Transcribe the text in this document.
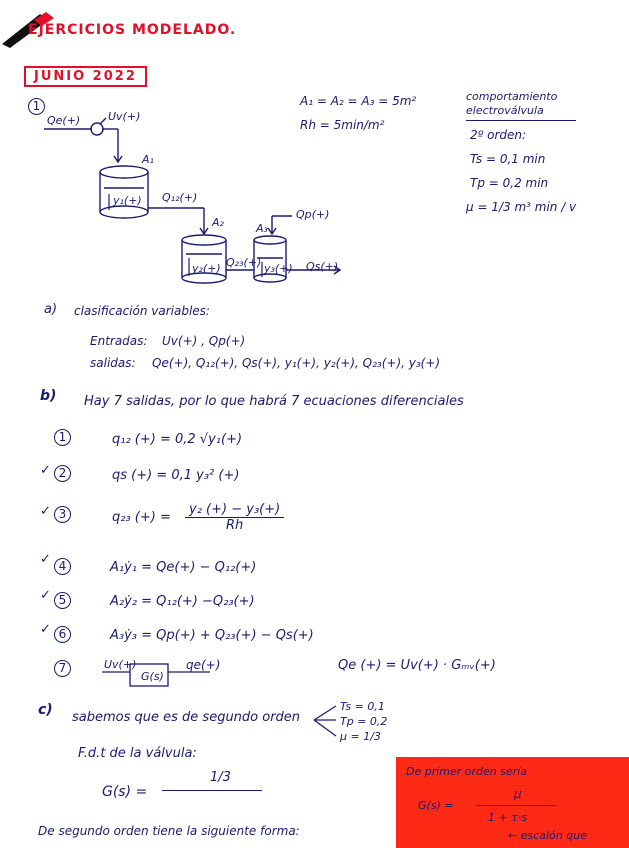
EJERCICIOS MODELADO.
JUNIO 2022
1	A₁ = A₂ = A₃ = 5m²
Rh = 5min/m²
comportamiento electroválvula
2º orden:
Ts = 0,1 min
Tp = 0,2 min
μ = 1/3 m³ min / v
Qe(+)	Uv(+)
A₁
y₁(+) Q₁₂(+)
A₂	A₃
Qp(+)
y₂(+) Q₂₃(+) y₃(+) Qs(+)
a) clasificación variables:
Entradas: Uv(+) , Qp(+)
salidas: Qe(+), Q₁₂(+), Qs(+), y₁(+), y₂(+), Q₂₃(+), y₃(+)
b) Hay 7 salidas, por lo que habrá 7 ecuaciones diferenciales
1	q₁₂ (+) = 0,2 √y₁(+)
✓ 2	qs (+) = 0,1 y₃² (+)
✓ 3	q₂₃ (+) = $\frac{\text{y₂ (+) − y₃(+)}}{Rh}$
✓ 4	A₁ẏ₁ = Qe(+) − Q₁₂(+)
✓ 5	A₂ẏ₂ = Q₁₂(+) −Q₂₃(+)
✓ 6	A₃ẏ₃ = Qp(+) + Q₂₃(+) − Qs(+)
7	Uv(+)
G(s)
qe(+)	Qe (+) = Uv(+) · Gₘᵥ(+)
c) sabemos que es de segundo orden
Ts = 0,1
Tp = 0,2
μ = 1/3
F.d.t de la válvula:
G(s) =
1/3
De segundo orden tiene la siguiente forma:
De primer orden sería
G(s) =
μ
1 + τ·s
← escalón que
